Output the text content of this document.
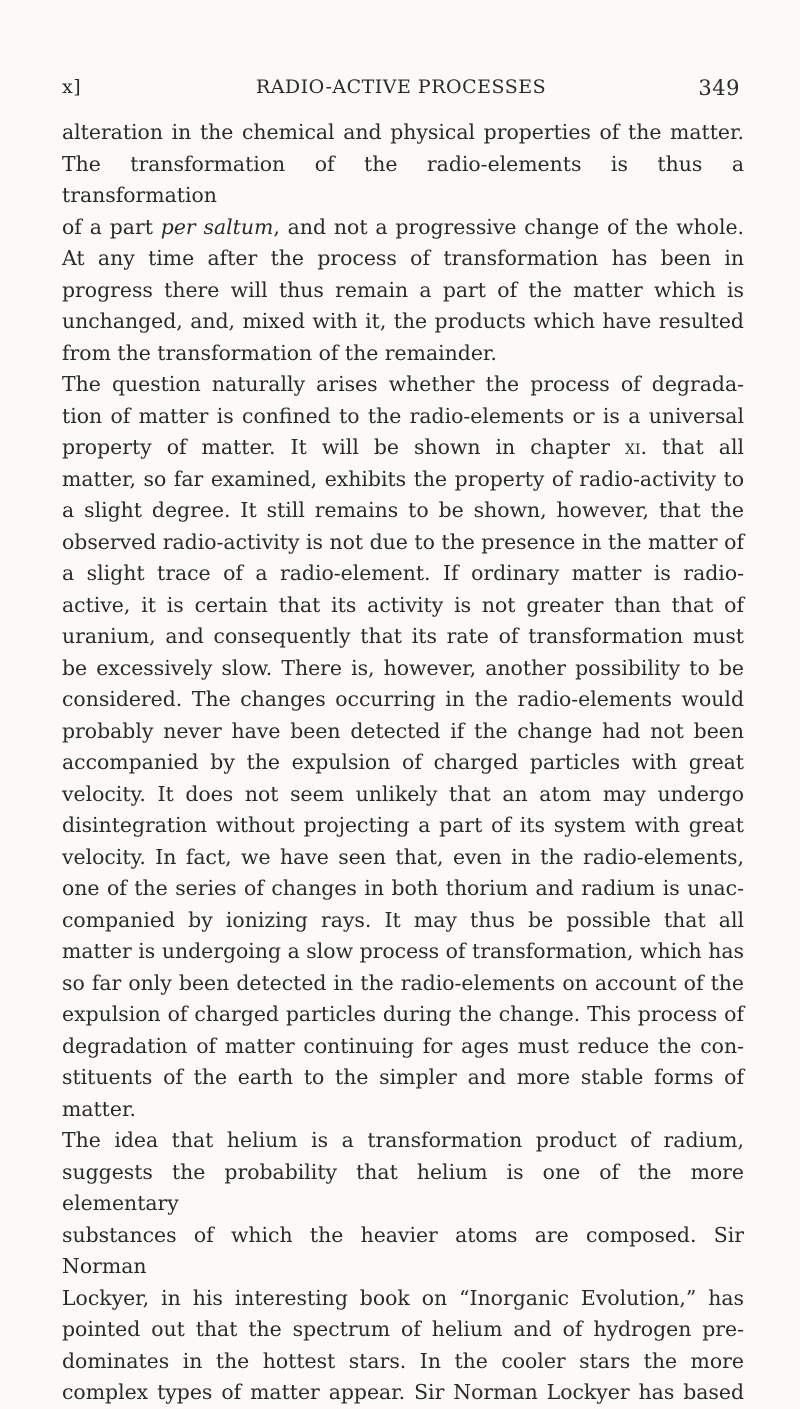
x]	RADIO-ACTIVE PROCESSES	349

alteration in the chemical and physical properties of the matter.

The transformation of the radio-elements is thus a transformation

of a part per saltum, and not a progressive change of the whole.

At any time after the process of transformation has been in

progress there will thus remain a part of the matter which is

unchanged, and, mixed with it, the products which have resulted

from the transformation of the remainder.

The question naturally arises whether the process of degrada-

tion of matter is confined to the radio-elements or is a universal

property of matter. It will be shown in chapter xi. that all

matter, so far examined, exhibits the property of radio-activity to

a slight degree. It still remains to be shown, however, that the

observed radio-activity is not due to the presence in the matter of

a slight trace of a radio-element. If ordinary matter is radio-

active, it is certain that its activity is not greater than that of

uranium, and consequently that its rate of transformation must

be excessively slow. There is, however, another possibility to be

considered. The changes occurring in the radio-elements would

probably never have been detected if the change had not been

accompanied by the expulsion of charged particles with great

velocity. It does not seem unlikely that an atom may undergo

disintegration without projecting a part of its system with great

velocity. In fact, we have seen that, even in the radio-elements,

one of the series of changes in both thorium and radium is unac-

companied by ionizing rays. It may thus be possible that all

matter is undergoing a slow process of transformation, which has

so far only been detected in the radio-elements on account of the

expulsion of charged particles during the change. This process of

degradation of matter continuing for ages must reduce the con-

stituents of the earth to the simpler and more stable forms of

matter.

The idea that helium is a transformation product of radium,

suggests the probability that helium is one of the more elementary

substances of which the heavier atoms are composed. Sir Norman

Lockyer, in his interesting book on “Inorganic Evolution,” has

pointed out that the spectrum of helium and of hydrogen pre-

dominates in the hottest stars. In the cooler stars the more

complex types of matter appear. Sir Norman Lockyer has based
